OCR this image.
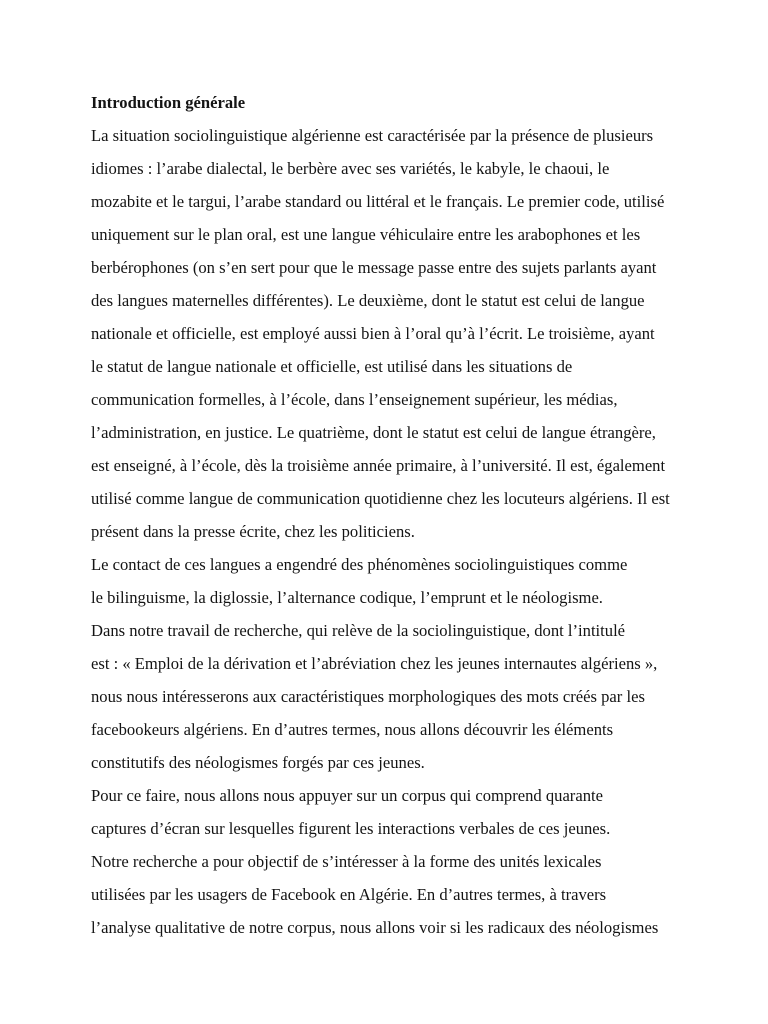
Introduction générale
La situation sociolinguistique algérienne est caractérisée par la présence de plusieurs
idiomes : l’arabe dialectal, le berbère avec ses variétés, le kabyle, le chaoui, le
mozabite et le targui, l’arabe standard ou littéral et le français. Le premier code, utilisé
uniquement sur le plan oral, est une langue véhiculaire entre les arabophones et les
berbérophones (on s’en sert pour que le message passe entre des sujets parlants ayant
des langues maternelles différentes). Le deuxième, dont le statut est celui de langue
nationale et officielle, est employé aussi bien à l’oral qu’à l’écrit. Le troisième, ayant
le statut de langue nationale et officielle, est utilisé dans les situations de
communication formelles, à l’école, dans l’enseignement supérieur, les médias,
l’administration, en justice. Le quatrième, dont le statut est celui de langue étrangère,
est enseigné, à l’école, dès la troisième année primaire, à l’université. Il est, également
utilisé comme langue de communication quotidienne chez les locuteurs algériens. Il est
présent dans la presse écrite, chez les politiciens.
Le contact de ces langues a engendré des phénomènes sociolinguistiques comme
le bilinguisme, la diglossie, l’alternance codique, l’emprunt et le néologisme.
Dans notre travail de recherche, qui relève de la sociolinguistique, dont l’intitulé
est : « Emploi de la dérivation et l’abréviation chez les jeunes internautes algériens »,
nous nous intéresserons aux caractéristiques morphologiques des mots créés par les
facebookeurs algériens. En d’autres termes, nous allons découvrir les éléments
constitutifs des néologismes forgés par ces jeunes.
Pour ce faire, nous allons nous appuyer sur un corpus qui comprend quarante
captures d’écran sur lesquelles figurent les interactions verbales de ces jeunes.
Notre recherche a pour objectif de s’intéresser à la forme des unités lexicales
utilisées par les usagers de Facebook en Algérie. En d’autres termes, à travers
l’analyse qualitative de notre corpus, nous allons voir si les radicaux des néologismes
